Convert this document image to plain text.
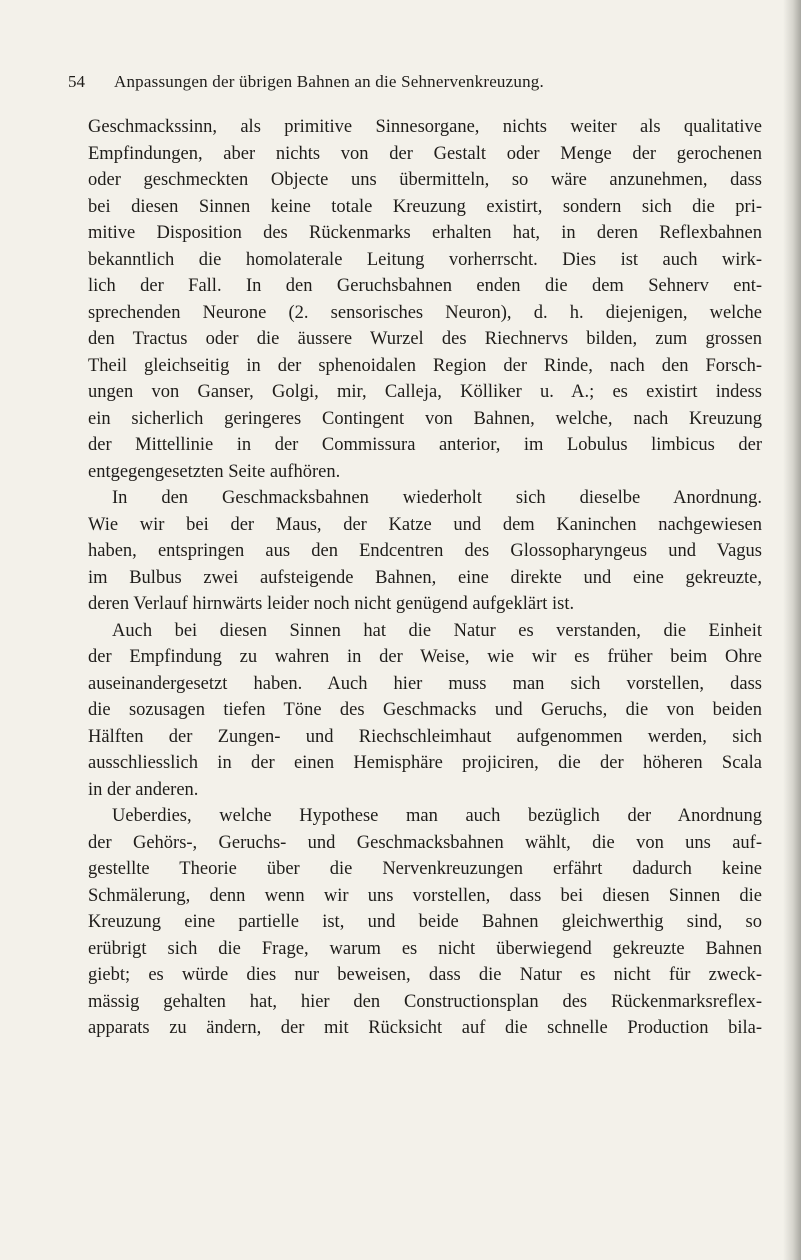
54 Anpassungen der übrigen Bahnen an die Sehnervenkreuzung.
Geschmackssinn, als primitive Sinnesorgane, nichts weiter als qualitative
Empfindungen, aber nichts von der Gestalt oder Menge der gerochenen
oder geschmeckten Objecte uns übermitteln, so wäre anzunehmen, dass
bei diesen Sinnen keine totale Kreuzung existirt, sondern sich die pri-
mitive Disposition des Rückenmarks erhalten hat, in deren Reflexbahnen
bekanntlich die homolaterale Leitung vorherrscht. Dies ist auch wirk-
lich der Fall. In den Geruchsbahnen enden die dem Sehnerv ent-
sprechenden Neurone (2. sensorisches Neuron), d. h. diejenigen, welche
den Tractus oder die äussere Wurzel des Riechnervs bilden, zum grossen
Theil gleichseitig in der sphenoidalen Region der Rinde, nach den Forsch-
ungen von Ganser, Golgi, mir, Calleja, Kölliker u. A.; es existirt indess
ein sicherlich geringeres Contingent von Bahnen, welche, nach Kreuzung
der Mittellinie in der Commissura anterior, im Lobulus limbicus der
entgegengesetzten Seite aufhören.
In den Geschmacksbahnen wiederholt sich dieselbe Anordnung.
Wie wir bei der Maus, der Katze und dem Kaninchen nachgewiesen
haben, entspringen aus den Endcentren des Glossopharyngeus und Vagus
im Bulbus zwei aufsteigende Bahnen, eine direkte und eine gekreuzte,
deren Verlauf hirnwärts leider noch nicht genügend aufgeklärt ist.
Auch bei diesen Sinnen hat die Natur es verstanden, die Einheit
der Empfindung zu wahren in der Weise, wie wir es früher beim Ohre
auseinandergesetzt haben. Auch hier muss man sich vorstellen, dass
die sozusagen tiefen Töne des Geschmacks und Geruchs, die von beiden
Hälften der Zungen- und Riechschleimhaut aufgenommen werden, sich
ausschliesslich in der einen Hemisphäre projiciren, die der höheren Scala
in der anderen.
Ueberdies, welche Hypothese man auch bezüglich der Anordnung
der Gehörs-, Geruchs- und Geschmacksbahnen wählt, die von uns auf-
gestellte Theorie über die Nervenkreuzungen erfährt dadurch keine
Schmälerung, denn wenn wir uns vorstellen, dass bei diesen Sinnen die
Kreuzung eine partielle ist, und beide Bahnen gleichwerthig sind, so
erübrigt sich die Frage, warum es nicht überwiegend gekreuzte Bahnen
giebt; es würde dies nur beweisen, dass die Natur es nicht für zweck-
mässig gehalten hat, hier den Constructionsplan des Rückenmarksreflex-
apparats zu ändern, der mit Rücksicht auf die schnelle Production bila-
